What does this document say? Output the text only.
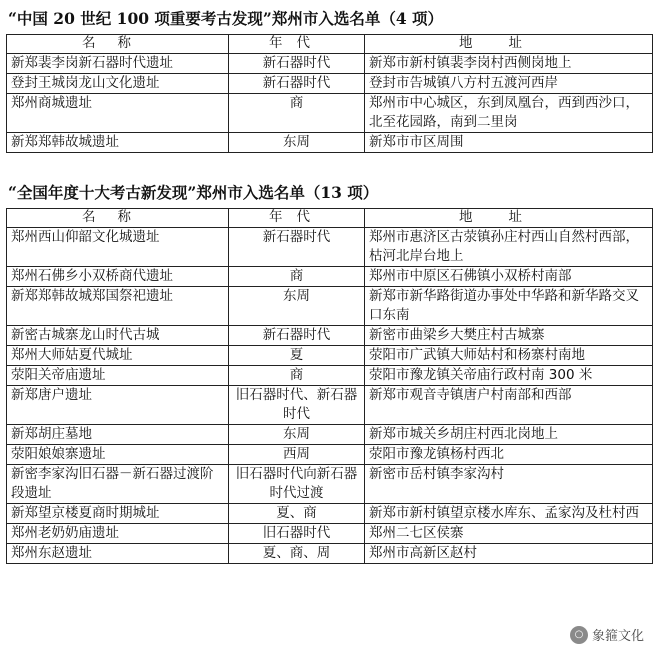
“中国 20 世纪 100 项重要考古发现”郑州市入选名单（4 项）
名称	年代	地址
新郑裴李岗新石器时代遗址	新石器时代	新郑市新村镇裴李岗村西侧岗地上
登封王城岗龙山文化遗址	新石器时代	登封市告城镇八方村五渡河西岸
郑州商城遗址	商	郑州市中心城区，东到凤凰台，西到西沙口，北至花园路，南到二里岗
新郑郑韩故城遗址	东周	新郑市市区周围
“全国年度十大考古新发现”郑州市入选名单（13 项）
名称	年代	地址
郑州西山仰韶文化城遗址	新石器时代	郑州市惠济区古荥镇孙庄村西山自然村西部，枯河北岸台地上
郑州石佛乡小双桥商代遗址	商	郑州市中原区石佛镇小双桥村南部
新郑郑韩故城郑国祭祀遗址	东周	新郑市新华路街道办事处中华路和新华路交叉口东南
新密古城寨龙山时代古城	新石器时代	新密市曲梁乡大樊庄村古城寨
郑州大师姑夏代城址	夏	荥阳市广武镇大师姑村和杨寨村南地
荥阳关帝庙遗址	商	荥阳市豫龙镇关帝庙行政村南 300 米
新郑唐户遗址	旧石器时代、新石器时代	新郑市观音寺镇唐户村南部和西部
新郑胡庄墓地	东周	新郑市城关乡胡庄村西北岗地上
荥阳娘娘寨遗址	西周	荥阳市豫龙镇杨村西北
新密李家沟旧石器－新石器过渡阶段遗址	旧石器时代向新石器时代过渡	新密市岳村镇李家沟村
新郑望京楼夏商时期城址	夏、商	新郑市新村镇望京楼水库东、孟家沟及杜村西
郑州老奶奶庙遗址	旧石器时代	郑州二七区侯寨
郑州东赵遗址	夏、商、周	郑州市高新区赵村
○ 象箍文化
